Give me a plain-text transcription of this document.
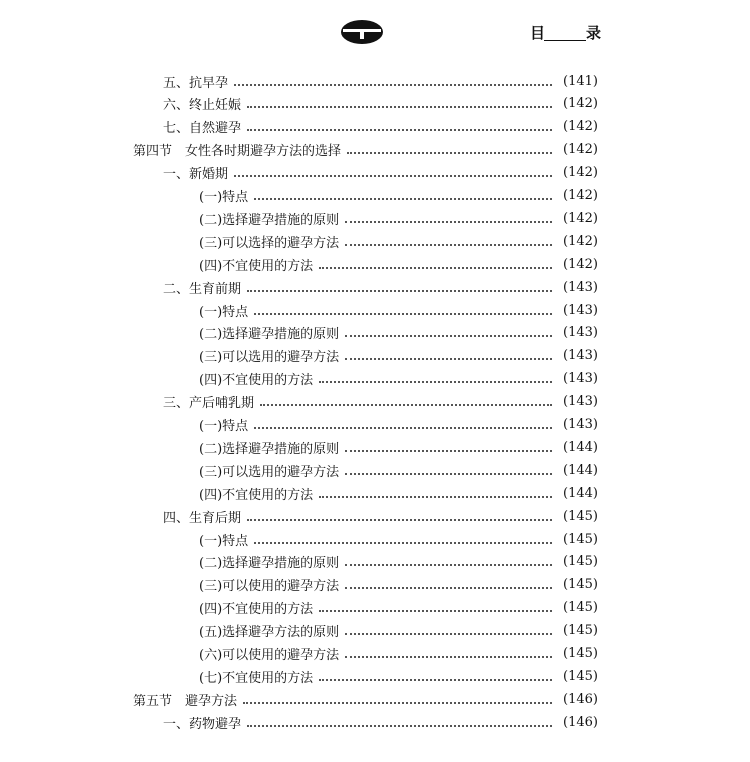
目	录
五、抗早孕	(141)
六、终止妊娠	(142)
七、自然避孕	(142)
第四节　女性各时期避孕方法的选择	(142)
一、新婚期	(142)
(一)特点	(142)
(二)选择避孕措施的原则	(142)
(三)可以选择的避孕方法	(142)
(四)不宜使用的方法	(142)
二、生育前期	(143)
(一)特点	(143)
(二)选择避孕措施的原则	(143)
(三)可以选用的避孕方法	(143)
(四)不宜使用的方法	(143)
三、产后哺乳期	(143)
(一)特点	(143)
(二)选择避孕措施的原则	(144)
(三)可以选用的避孕方法	(144)
(四)不宜使用的方法	(144)
四、生育后期	(145)
(一)特点	(145)
(二)选择避孕措施的原则	(145)
(三)可以使用的避孕方法	(145)
(四)不宜使用的方法	(145)
(五)选择避孕方法的原则	(145)
(六)可以使用的避孕方法	(145)
(七)不宜使用的方法	(145)
第五节　避孕方法	(146)
一、药物避孕	(146)
